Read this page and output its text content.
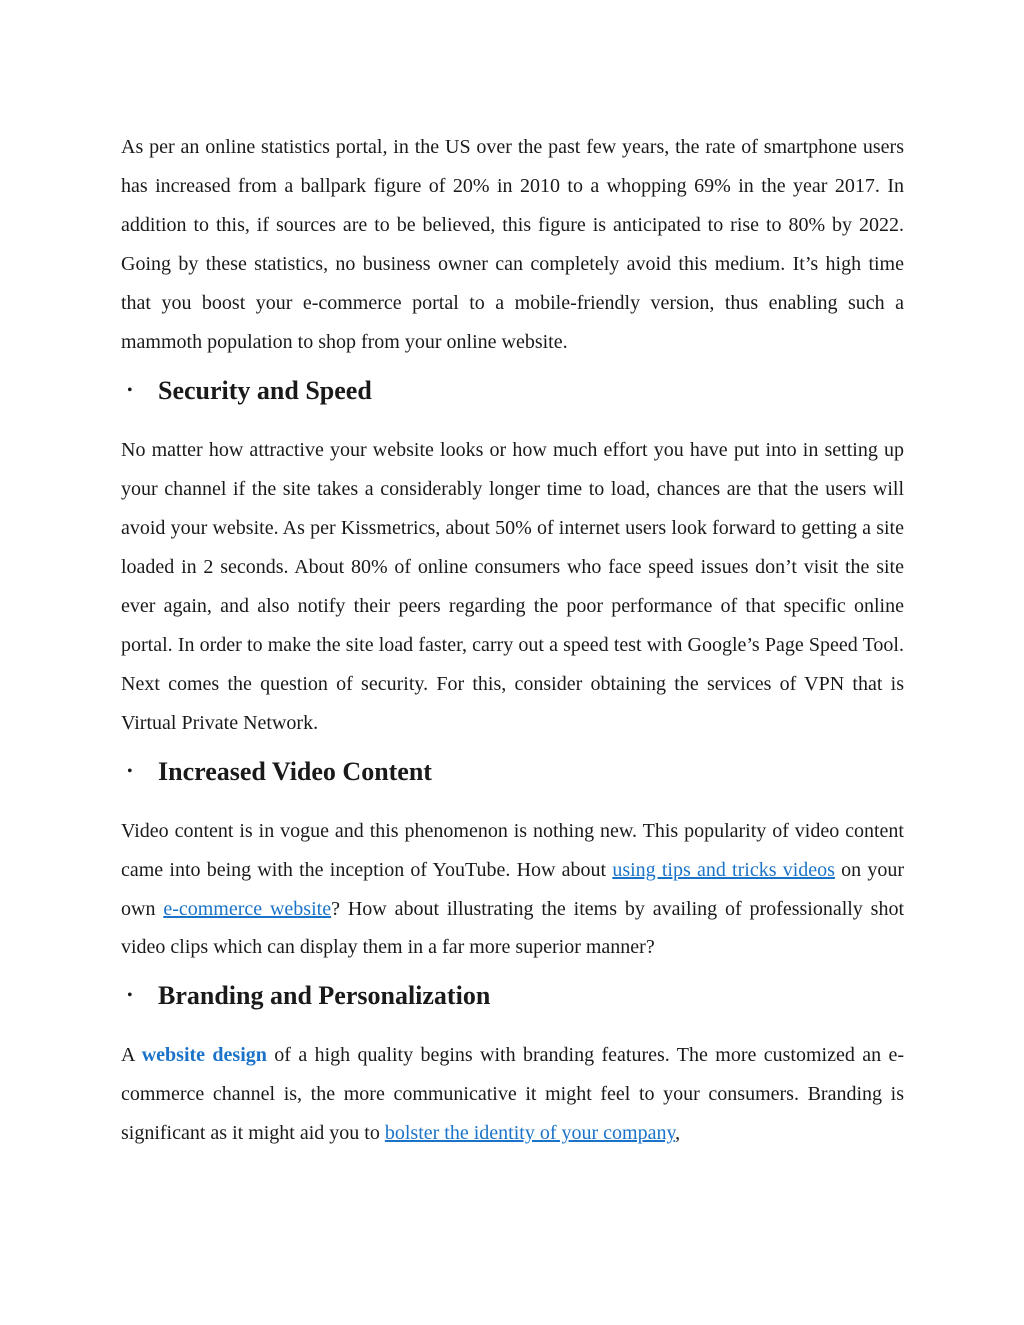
As per an online statistics portal, in the US over the past few years, the rate of smartphone users has increased from a ballpark figure of 20% in 2010 to a whopping 69% in the year 2017. In addition to this, if sources are to be believed, this figure is anticipated to rise to 80% by 2022. Going by these statistics, no business owner can completely avoid this medium. It’s high time that you boost your e-commerce portal to a mobile-friendly version, thus enabling such a mammoth population to shop from your online website.

• Security and Speed

No matter how attractive your website looks or how much effort you have put into in setting up your channel if the site takes a considerably longer time to load, chances are that the users will avoid your website. As per Kissmetrics, about 50% of internet users look forward to getting a site loaded in 2 seconds. About 80% of online consumers who face speed issues don’t visit the site ever again, and also notify their peers regarding the poor performance of that specific online portal. In order to make the site load faster, carry out a speed test with Google’s Page Speed Tool. Next comes the question of security. For this, consider obtaining the services of VPN that is Virtual Private Network.

• Increased Video Content

Video content is in vogue and this phenomenon is nothing new. This popularity of video content came into being with the inception of YouTube. How about using tips and tricks videos on your own e-commerce website? How about illustrating the items by availing of professionally shot video clips which can display them in a far more superior manner?

• Branding and Personalization

A website design of a high quality begins with branding features. The more customized an e-commerce channel is, the more communicative it might feel to your consumers. Branding is significant as it might aid you to bolster the identity of your company,
